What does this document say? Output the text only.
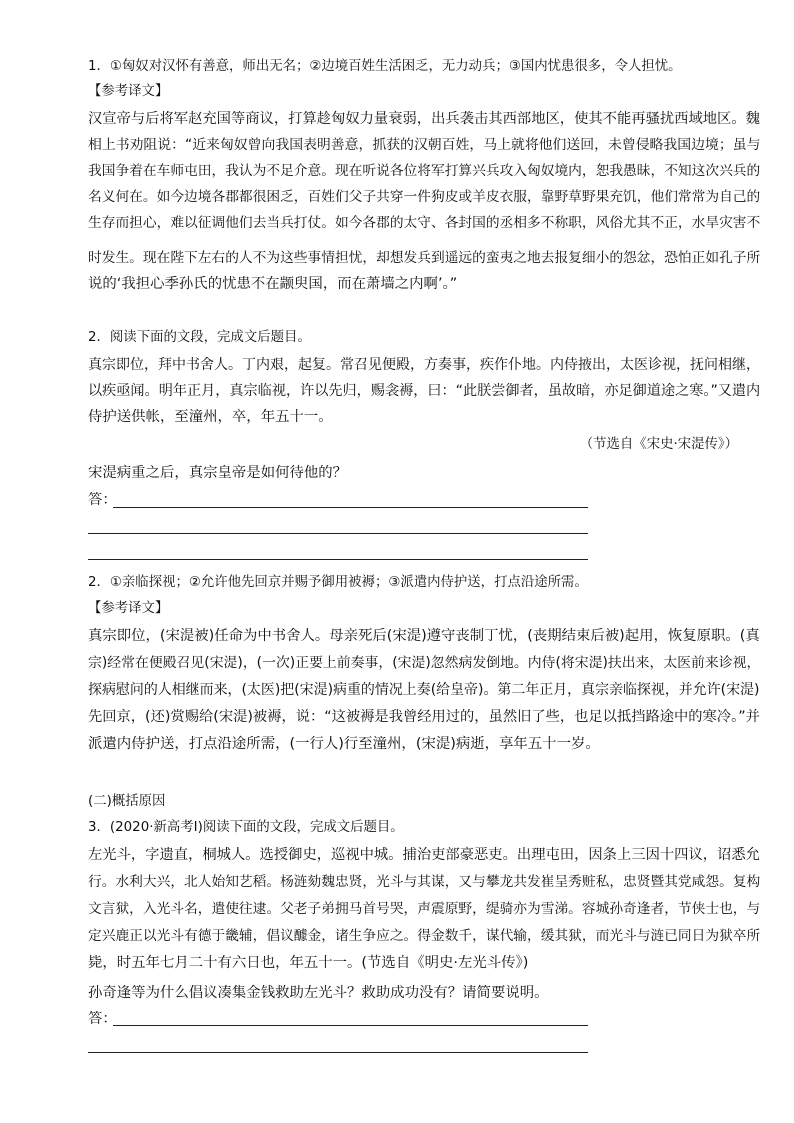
1．①匈奴对汉怀有善意，师出无名；②边境百姓生活困乏，无力动兵；③国内忧患很多，令人担忧。
【参考译文】
汉宣帝与后将军赵充国等商议，打算趁匈奴力量衰弱，出兵袭击其西部地区，使其不能再骚扰西域地区。魏
相上书劝阻说：“近来匈奴曾向我国表明善意，抓获的汉朝百姓，马上就将他们送回，未曾侵略我国边境；虽与
我国争着在车师屯田，我认为不足介意。现在听说各位将军打算兴兵攻入匈奴境内，恕我愚昧，不知这次兴兵的
名义何在。如今边境各郡都很困乏，百姓们父子共穿一件狗皮或羊皮衣服，靠野草野果充饥，他们常常为自己的
生存而担心，难以征调他们去当兵打仗。如今各郡的太守、各封国的丞相多不称职，风俗尤其不正，水旱灾害不
时发生。现在陛下左右的人不为这些事情担忧，却想发兵到遥远的蛮夷之地去报复细小的怨忿，恐怕正如孔子所
说的‘我担心季孙氏的忧患不在颛臾国，而在萧墙之内啊’。”
2．阅读下面的文段，完成文后题目。
真宗即位，拜中书舍人。丁内艰，起复。常召见便殿，方奏事，疾作仆地。内侍掖出，太医诊视，抚问相继，
以疾亟闻。明年正月，真宗临视，许以先归，赐衾褥，曰：“此朕尝御者，虽故暗，亦足御道途之寒。”又遣内
侍护送供帐，至潼州，卒，年五十一。
（节选自《宋史·宋湜传》）
宋湜病重之后，真宗皇帝是如何待他的？
答：
2．①亲临探视；②允许他先回京并赐予御用被褥；③派遣内侍护送，打点沿途所需。
【参考译文】
真宗即位，(宋湜被)任命为中书舍人。母亲死后(宋湜)遵守丧制丁忧，(丧期结束后被)起用，恢复原职。(真
宗)经常在便殿召见(宋湜)，(一次)正要上前奏事，(宋湜)忽然病发倒地。内侍(将宋湜)扶出来，太医前来诊视，
探病慰问的人相继而来，(太医)把(宋湜)病重的情况上奏(给皇帝)。第二年正月，真宗亲临探视，并允许(宋湜)
先回京，(还)赏赐给(宋湜)被褥，说：“这被褥是我曾经用过的，虽然旧了些，也足以抵挡路途中的寒冷。”并
派遣内侍护送，打点沿途所需，(一行人)行至潼州，(宋湜)病逝，享年五十一岁。
(二)概括原因
3．(2020·新高考Ⅰ)阅读下面的文段，完成文后题目。
左光斗，字遗直，桐城人。选授御史，巡视中城。捕治吏部豪恶吏。出理屯田，因条上三因十四议，诏悉允
行。水利大兴，北人始知艺稻。杨涟劾魏忠贤，光斗与其谋，又与攀龙共发崔呈秀赃私，忠贤暨其党咸怨。复构
文言狱，入光斗名，遣使往逮。父老子弟拥马首号哭，声震原野，缇骑亦为雪涕。容城孙奇逢者，节侠士也，与
定兴鹿正以光斗有德于畿辅，倡议醵金，诸生争应之。得金数千，谋代输，缓其狱，而光斗与涟已同日为狱卒所
毙，时五年七月二十有六日也，年五十一。(节选自《明史·左光斗传》)
孙奇逢等为什么倡议凑集金钱救助左光斗？救助成功没有？请简要说明。
答：
